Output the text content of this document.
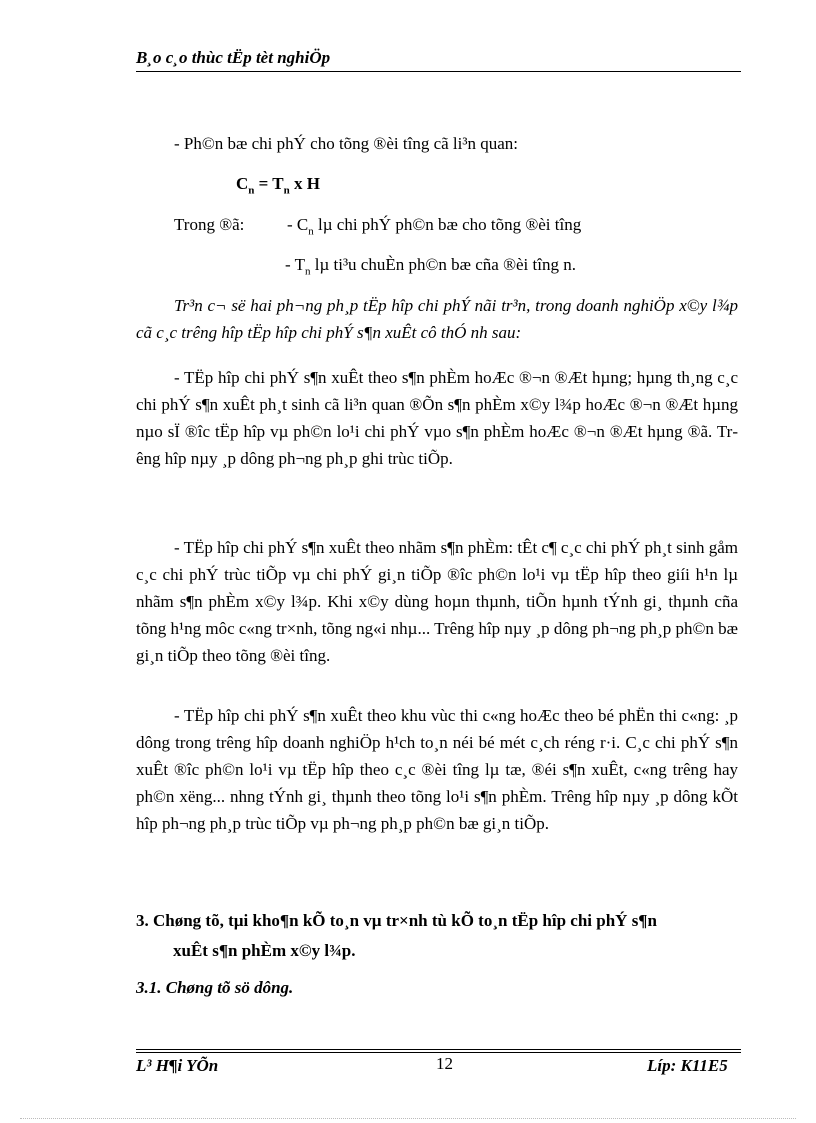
B¸o c¸o thùc tËp tèt nghiÖp
- Ph©n bæ chi phÝ cho tõng ®èi tîng cã li³n quan:
$C_n = T_n$ x H
Trong ®ã:	- $C_n$ lµ chi phÝ ph©n bæ cho tõng ®èi tîng
- $T_n$ lµ ti³u chuÈn ph©n bæ cña ®èi tîng n.

Tr³n c¬ së hai ph¬ng ph¸p tËp hîp chi phÝ nãi tr³n, trong doanh nghiÖp x©y l¾p cã c¸c trêng hîp tËp hîp chi phÝ s¶n xuÊt cô thÓ nh sau:

- TËp hîp chi phÝ s¶n xuÊt theo s¶n phÈm hoÆc ®¬n ®Æt hµng; hµng th¸ng c¸c chi phÝ s¶n xuÊt ph¸t sinh cã li³n quan ®Õn s¶n phÈm x©y l¾p hoÆc ®¬n ®Æt hµng nµo sÏ ®îc tËp hîp vµ ph©n lo¹i chi phÝ vµo s¶n phÈm hoÆc ®¬n ®Æt hµng ®ã. Trêng hîp nµy ¸p dông ph¬ng ph¸p ghi trùc tiÕp.

- TËp hîp chi phÝ s¶n xuÊt theo nhãm s¶n phÈm: tÊt c¶ c¸c chi phÝ ph¸t sinh gåm c¸c chi phÝ trùc tiÕp vµ chi phÝ gi¸n tiÕp ®îc ph©n lo¹i vµ tËp hîp theo giíi h¹n lµ nhãm s¶n phÈm x©y l¾p. Khi x©y dùng hoµn thµnh, tiÕn hµnh tÝnh gi¸ thµnh cña tõng h¹ng môc c«ng tr×nh, tõng ng«i nhµ... Trêng hîp nµy ¸p dông ph¬ng ph¸p ph©n bæ gi¸n tiÕp theo tõng ®èi tîng.

- TËp hîp chi phÝ s¶n xuÊt theo khu vùc thi c«ng hoÆc theo bé phËn thi c«ng: ¸p dông trong trêng hîp doanh nghiÖp h¹ch to¸n néi bé mét c¸ch réng r·i. C¸c chi phÝ s¶n xuÊt ®îc ph©n lo¹i vµ tËp hîp theo c¸c ®èi tîng lµ tæ, ®éi s¶n xuÊt, c«ng trêng hay ph©n xëng... nhng tÝnh gi¸ thµnh theo tõng lo¹i s¶n phÈm. Trêng hîp nµy ¸p dông kÕt hîp ph¬ng ph¸p trùc tiÕp vµ ph¬ng ph¸p ph©n bæ gi¸n tiÕp.

3. Chøng tõ, tµi kho¶n kÕ to¸n vµ tr×nh tù kÕ to¸n tËp hîp chi phÝ s¶n
xuÊt s¶n phÈm x©y l¾p.
3.1. Chøng tõ sö dông.
L³ H¶i YÕn	12	Líp: K11E5
